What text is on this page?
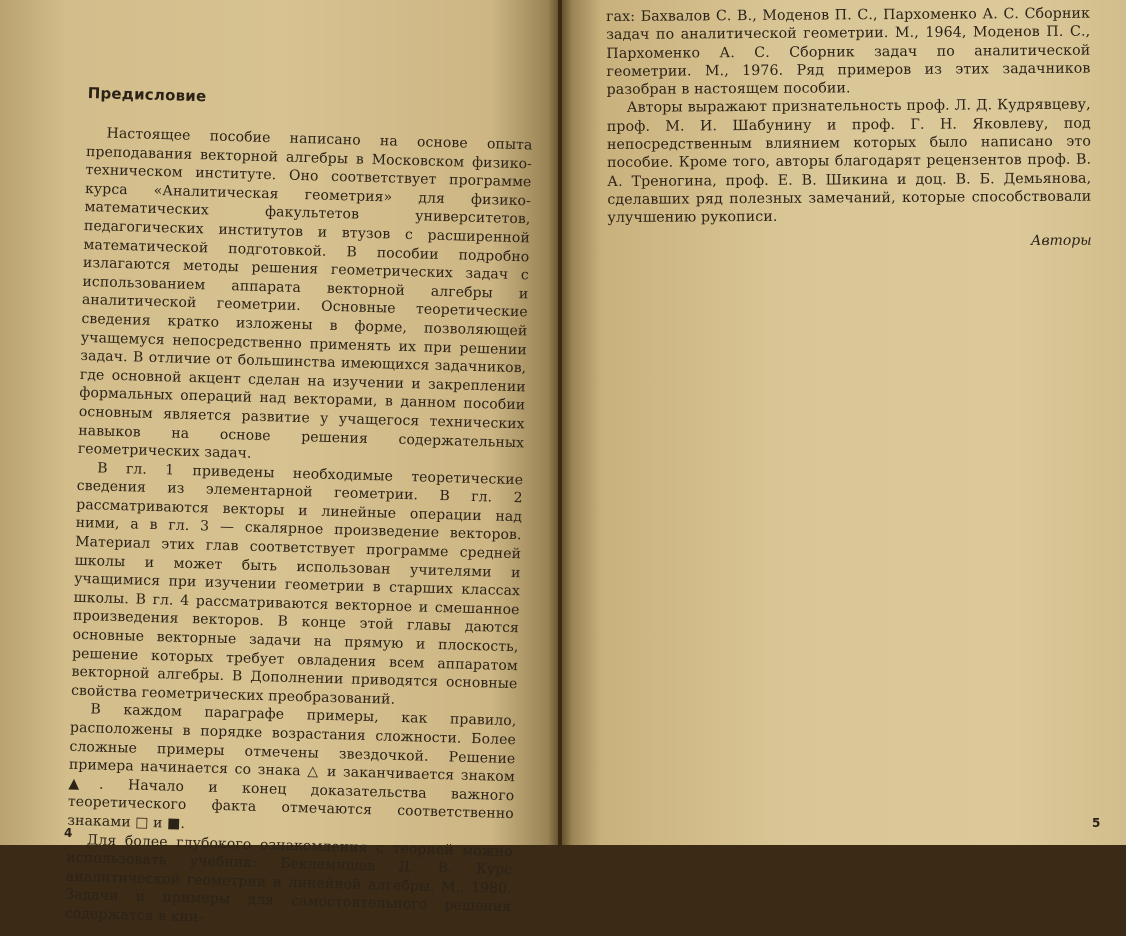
Предисловие

Настоящее пособие написано на основе опыта преподавания векторной алгебры в Московском физико-техническом институте. Оно соответствует программе курса «Аналитическая геометрия» для физико-математических факультетов университетов, педагогических институтов и втузов с расширенной математической подготовкой. В пособии подробно излагаются методы решения геометрических задач с использованием аппарата векторной алгебры и аналитической геометрии. Основные теоретические сведения кратко изложены в форме, позволяющей учащемуся непосредственно применять их при решении задач. В отличие от большинства имеющихся задачников, где основной акцент сделан на изучении и закреплении формальных операций над векторами, в данном пособии основным является развитие у учащегося технических навыков на основе решения содержательных геометрических задач.

В гл. 1 приведены необходимые теоретические сведения из элементарной геометрии. В гл. 2 рассматриваются векторы и линейные операции над ними, а в гл. 3 — скалярное произведение векторов. Материал этих глав соответствует программе средней школы и может быть использован учителями и учащимися при изучении геометрии в старших классах школы. В гл. 4 рассматриваются векторное и смешанное произведения векторов. В конце этой главы даются основные векторные задачи на прямую и плоскость, решение которых требует овладения всем аппаратом векторной алгебры. В Дополнении приводятся основные свойства геометрических преобразований.

В каждом параграфе примеры, как правило, расположены в порядке возрастания сложности. Более сложные примеры отмечены звездочкой. Решение примера начинается со знака △ и заканчивается знаком ▲. Начало и конец доказательства важного теоретического факта отмечаются соответственно знаками □ и ■.

Для более глубокого ознакомления с теорией можно использовать учебник: Беклемишев Д. В. Курс аналитической геометрии и линейной алгебры. М., 1980. Задачи и примеры для самостоятельного решения содержатся в кни-

4

гах: Бахвалов С. В., Моденов П. С., Пархоменко А. С. Сборник задач по аналитической геометрии. М., 1964, Моденов П. С., Пархоменко А. С. Сборник задач по аналитической геометрии. М., 1976. Ряд примеров из этих задачников разобран в настоящем пособии.

Авторы выражают признательность проф. Л. Д. Кудрявцеву, проф. М. И. Шабунину и проф. Г. Н. Яковлеву, под непосредственным влиянием которых было написано это пособие. Кроме того, авторы благодарят рецензентов проф. В. А. Треногина, проф. Е. В. Шикина и доц. В. Б. Демьянова, сделавших ряд полезных замечаний, которые способствовали улучшению рукописи.

Авторы
5
